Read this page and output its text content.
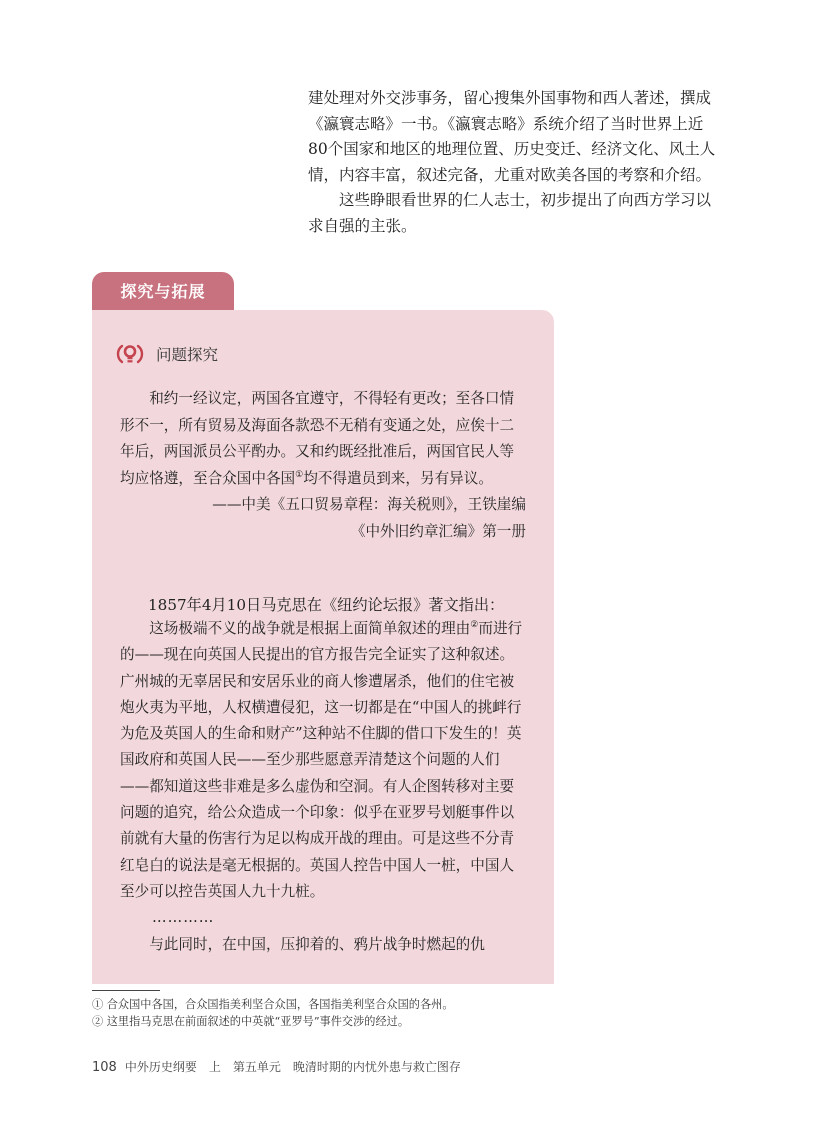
建处理对外交涉事务，留心搜集外国事物和西人著述，撰成《瀛寰志略》一书。《瀛寰志略》系统介绍了当时世界上近80个国家和地区的地理位置、历史变迁、经济文化、风土人情，内容丰富，叙述完备，尤重对欧美各国的考察和介绍。

这些睁眼看世界的仁人志士，初步提出了向西方学习以求自强的主张。

探究与拓展
问题探究

和约一经议定，两国各宜遵守，不得轻有更改；至各口情形不一，所有贸易及海面各款恐不无稍有变通之处，应俟十二年后，两国派员公平酌办。又和约既经批准后，两国官民人等均应恪遵，至合众国中各国①均不得遣员到来，另有异议。

——中美《五口贸易章程：海关税则》，王铁崖编

《中外旧约章汇编》第一册

1857年4月10日马克思在《纽约论坛报》著文指出：

这场极端不义的战争就是根据上面简单叙述的理由②而进行的——现在向英国人民提出的官方报告完全证实了这种叙述。广州城的无辜居民和安居乐业的商人惨遭屠杀，他们的住宅被炮火夷为平地，人权横遭侵犯，这一切都是在“中国人的挑衅行为危及英国人的生命和财产”这种站不住脚的借口下发生的！英国政府和英国人民——至少那些愿意弄清楚这个问题的人们——都知道这些非难是多么虚伪和空洞。有人企图转移对主要问题的追究，给公众造成一个印象：似乎在亚罗号划艇事件以前就有大量的伤害行为足以构成开战的理由。可是这些不分青红皂白的说法是毫无根据的。英国人控告中国人一桩，中国人至少可以控告英国人九十九桩。

…………

与此同时，在中国，压抑着的、鸦片战争时燃起的仇

① 合众国中各国，合众国指美利坚合众国，各国指美利坚合众国的各州。

② 这里指马克思在前面叙述的中英就“亚罗号”事件交涉的经过。

108 中外历史纲要 上 第五单元 晚清时期的内忧外患与救亡图存
